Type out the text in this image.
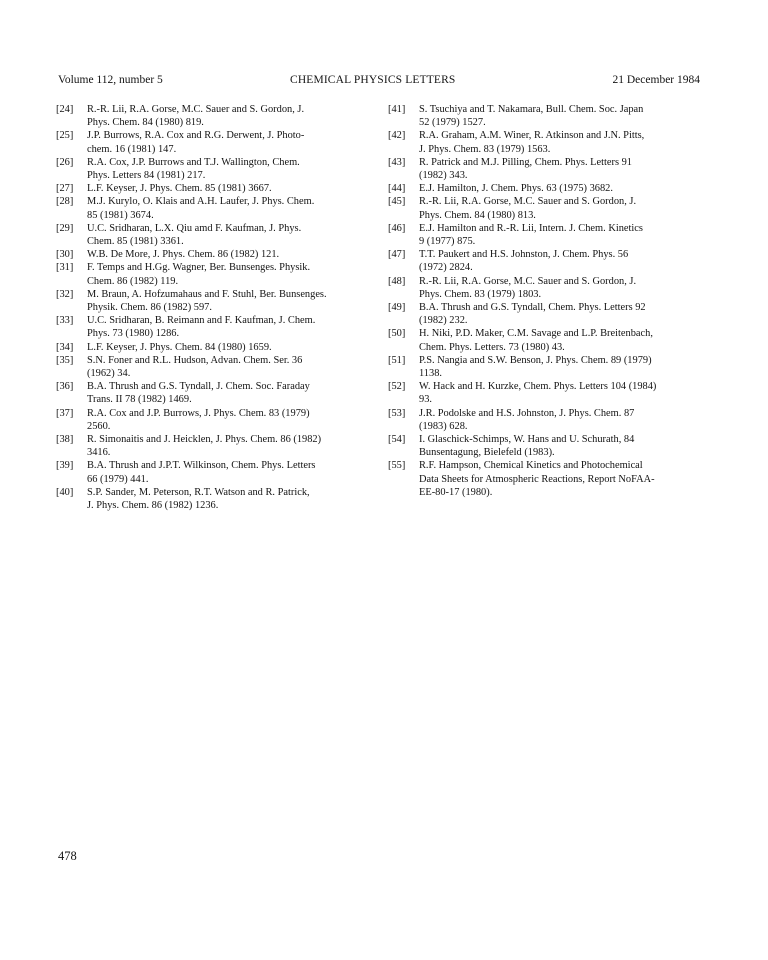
Volume 112, number 5	CHEMICAL PHYSICS LETTERS	21 December 1984
[24]	R.-R. Lii, R.A. Gorse, M.C. Sauer and S. Gordon, J.
Phys. Chem. 84 (1980) 819.
[25]	J.P. Burrows, R.A. Cox and R.G. Derwent, J. Photo-
chem. 16 (1981) 147.
[26]	R.A. Cox, J.P. Burrows and T.J. Wallington, Chem.
Phys. Letters 84 (1981) 217.
[27]	L.F. Keyser, J. Phys. Chem. 85 (1981) 3667.
[28]	M.J. Kurylo, O. Klais and A.H. Laufer, J. Phys. Chem.
85 (1981) 3674.
[29]	U.C. Sridharan, L.X. Qiu amd F. Kaufman, J. Phys.
Chem. 85 (1981) 3361.
[30]	W.B. De More, J. Phys. Chem. 86 (1982) 121.
[31]	F. Temps and H.Gg. Wagner, Ber. Bunsenges. Physik.
Chem. 86 (1982) 119.
[32]	M. Braun, A. Hofzumahaus and F. Stuhl, Ber. Bunsenges.
Physik. Chem. 86 (1982) 597.
[33]	U.C. Sridharan, B. Reimann and F. Kaufman, J. Chem.
Phys. 73 (1980) 1286.
[34]	L.F. Keyser, J. Phys. Chem. 84 (1980) 1659.
[35]	S.N. Foner and R.L. Hudson, Advan. Chem. Ser. 36
(1962) 34.
[36]	B.A. Thrush and G.S. Tyndall, J. Chem. Soc. Faraday
Trans. II 78 (1982) 1469.
[37]	R.A. Cox and J.P. Burrows, J. Phys. Chem. 83 (1979)
2560.
[38]	R. Simonaitis and J. Heicklen, J. Phys. Chem. 86 (1982)
3416.
[39]	B.A. Thrush and J.P.T. Wilkinson, Chem. Phys. Letters
66 (1979) 441.
[40]	S.P. Sander, M. Peterson, R.T. Watson and R. Patrick,
J. Phys. Chem. 86 (1982) 1236.
[41]	S. Tsuchiya and T. Nakamara, Bull. Chem. Soc. Japan
52 (1979) 1527.
[42]	R.A. Graham, A.M. Winer, R. Atkinson and J.N. Pitts,
J. Phys. Chem. 83 (1979) 1563.
[43]	R. Patrick and M.J. Pilling, Chem. Phys. Letters 91
(1982) 343.
[44]	E.J. Hamilton, J. Chem. Phys. 63 (1975) 3682.
[45]	R.-R. Lii, R.A. Gorse, M.C. Sauer and S. Gordon, J.
Phys. Chem. 84 (1980) 813.
[46]	E.J. Hamilton and R.-R. Lii, Intern. J. Chem. Kinetics
9 (1977) 875.
[47]	T.T. Paukert and H.S. Johnston, J. Chem. Phys. 56
(1972) 2824.
[48]	R.-R. Lii, R.A. Gorse, M.C. Sauer and S. Gordon, J.
Phys. Chem. 83 (1979) 1803.
[49]	B.A. Thrush and G.S. Tyndall, Chem. Phys. Letters 92
(1982) 232.
[50]	H. Niki, P.D. Maker, C.M. Savage and L.P. Breitenbach,
Chem. Phys. Letters. 73 (1980) 43.
[51]	P.S. Nangia and S.W. Benson, J. Phys. Chem. 89 (1979)
1138.
[52]	W. Hack and H. Kurzke, Chem. Phys. Letters 104 (1984)
93.
[53]	J.R. Podolske and H.S. Johnston, J. Phys. Chem. 87
(1983) 628.
[54]	I. Glaschick-Schimps, W. Hans and U. Schurath, 84
Bunsentagung, Bielefeld (1983).
[55]	R.F. Hampson, Chemical Kinetics and Photochemical
Data Sheets for Atmospheric Reactions, Report NoFAA-
EE-80-17 (1980).
478
